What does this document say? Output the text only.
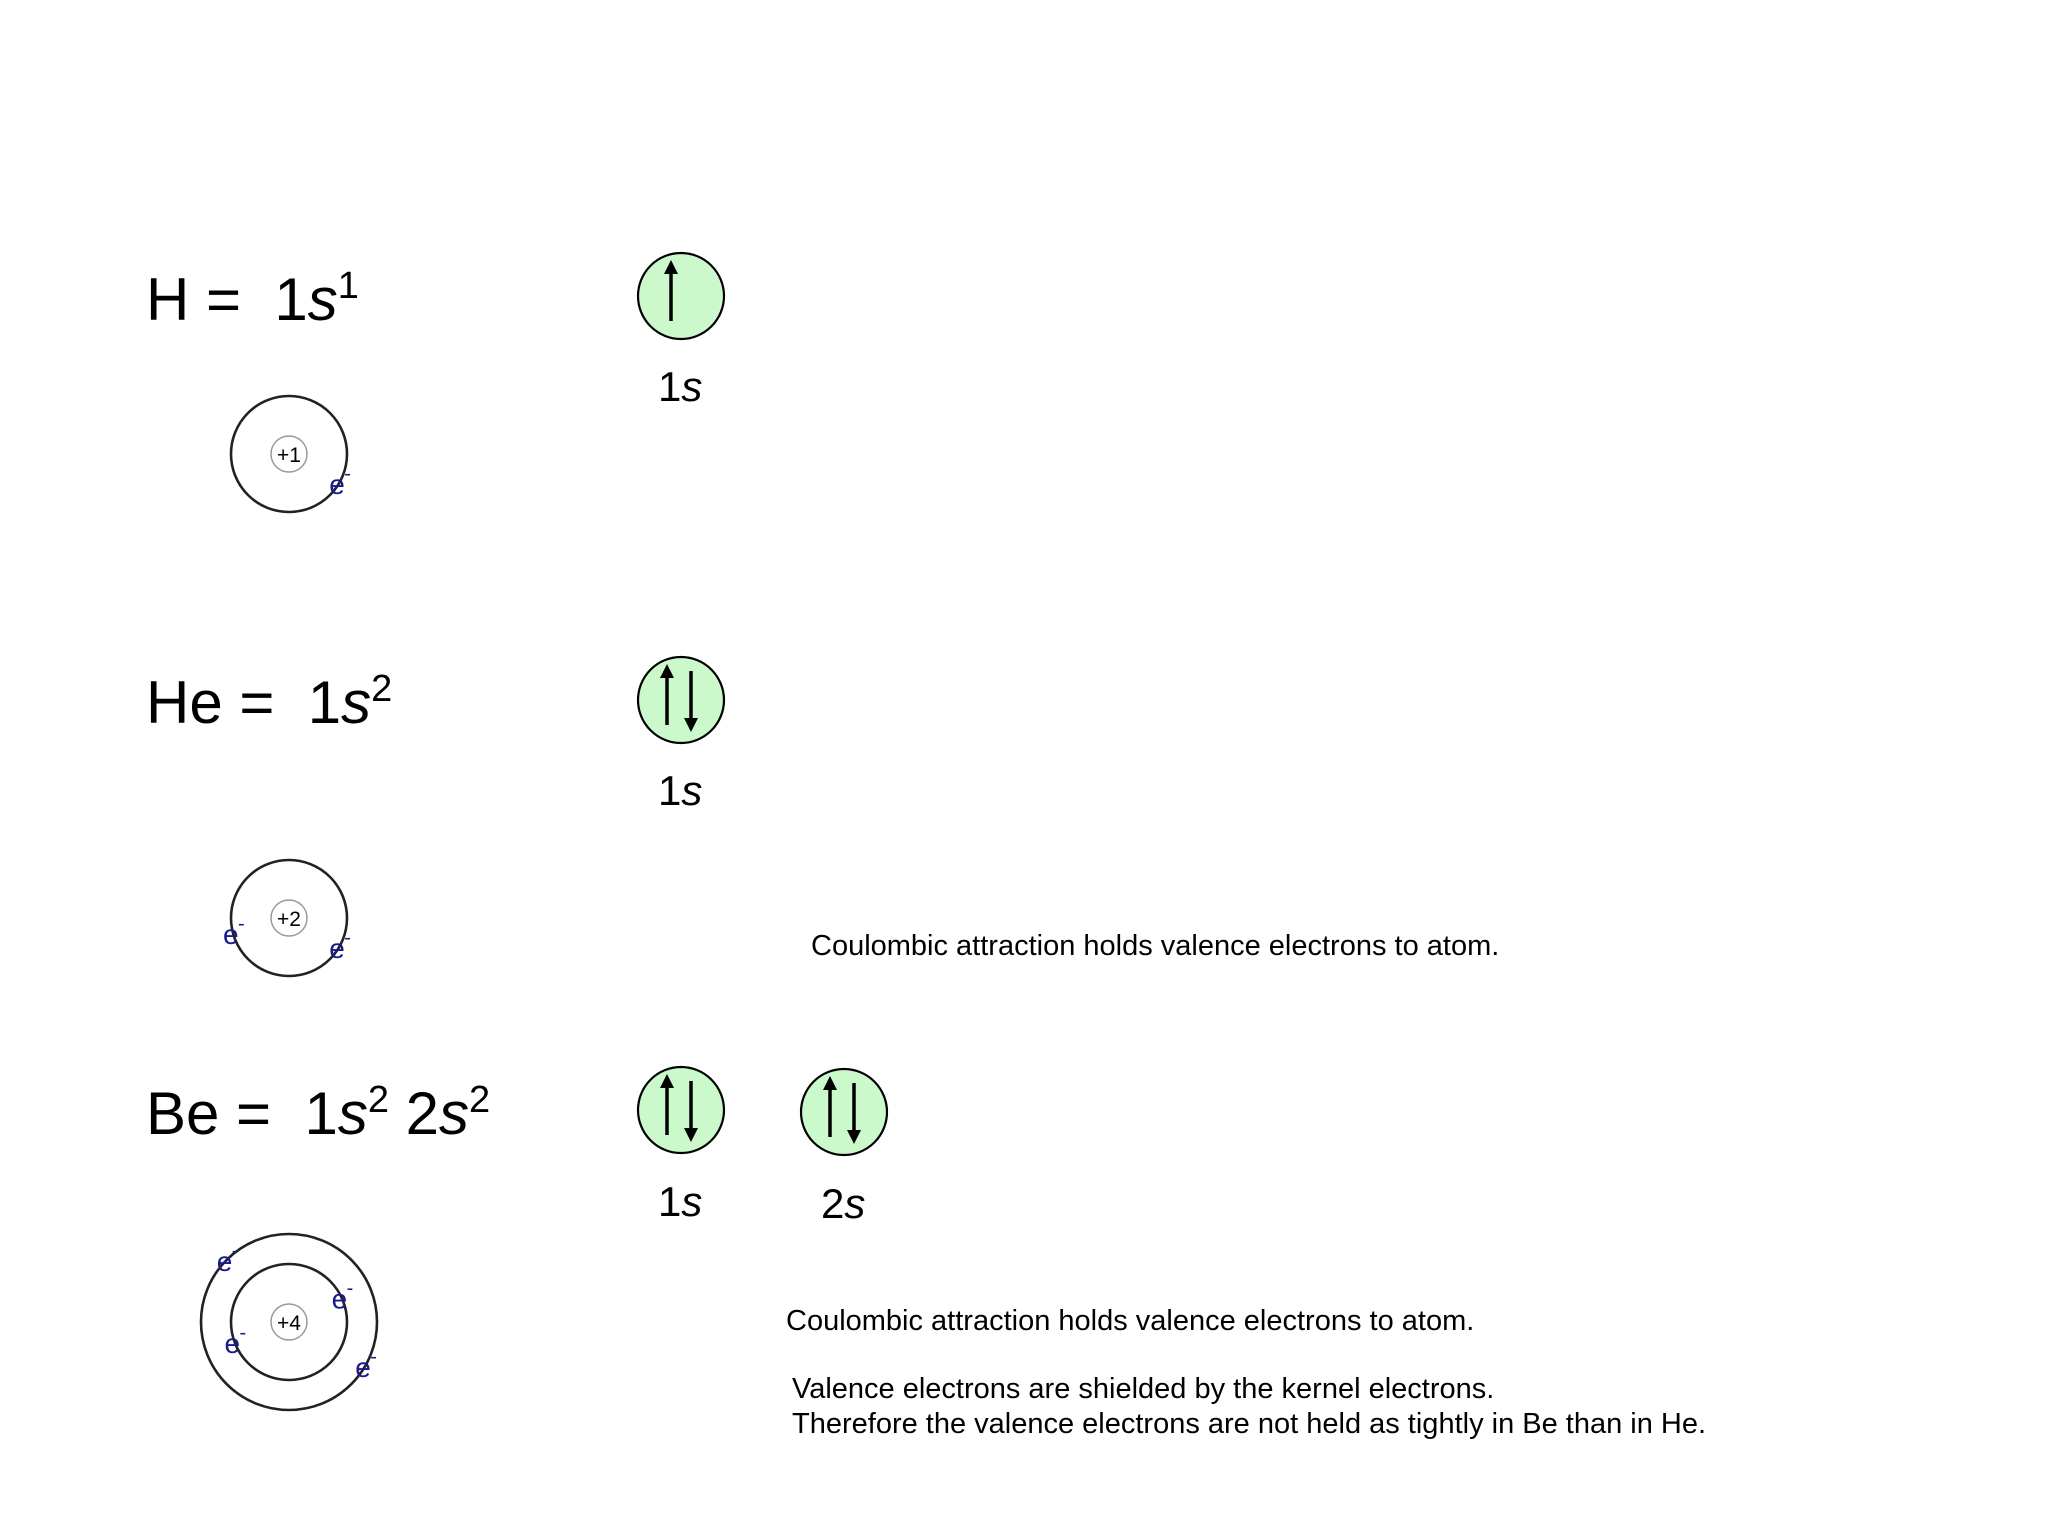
$H = 1s^1$
1s
$He = 1s^2$
1s
Coulombic attraction holds valence electrons to atom.
$Be = 1s^2$ $2s^2$
1s	2s
Coulombic attraction holds valence electrons to atom.
Valence electrons are shielded by the kernel electrons.
Therefore the valence electrons are not held as tightly in Be than in He.
+1
e -
+2
e -
e -
+4
e -
e -
e -
e -
